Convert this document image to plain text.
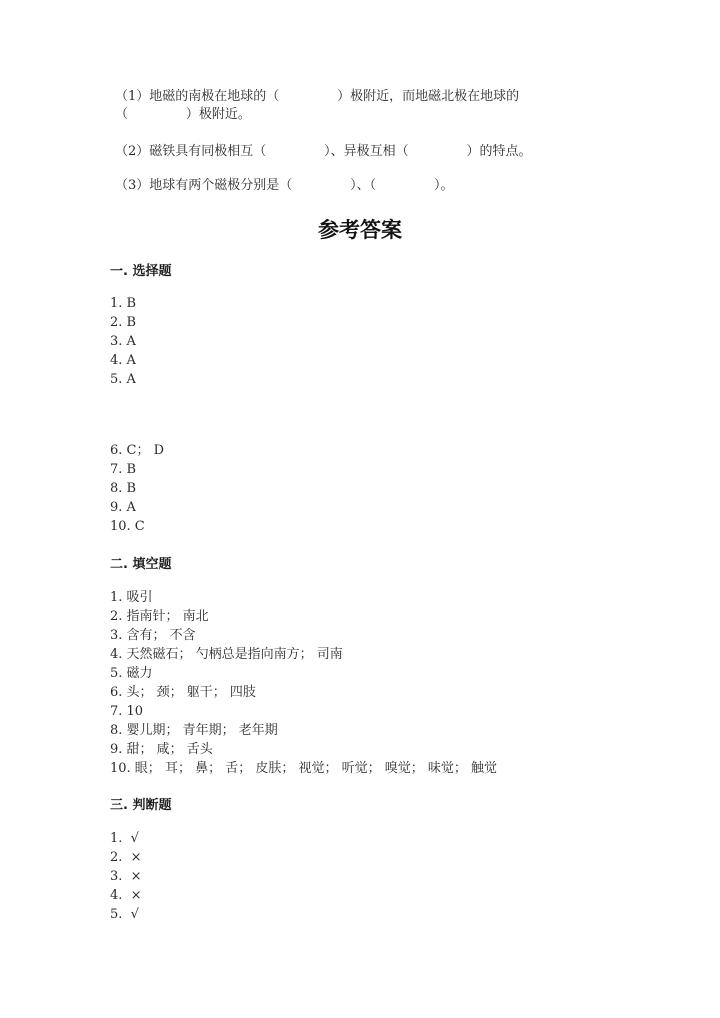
（1）地磁的南极在地球的（              ）极附近，而地磁北极在地球的
（              ）极附近。
（2）磁铁具有同极相互（              ）、异极互相（              ）的特点。
（3）地球有两个磁极分别是（              ）、（              ）。
参考答案
一. 选择题
1. B
2. B
3. A
4. A
5. A
6. C； D
7. B
8. B
9. A
10. C
二. 填空题
1. 吸引
2. 指南针； 南北
3. 含有； 不含
4. 天然磁石； 勺柄总是指向南方； 司南
5. 磁力
6. 头； 颈； 躯干； 四肢
7. 10
8. 婴儿期； 青年期； 老年期
9. 甜； 咸； 舌头
10. 眼； 耳； 鼻； 舌； 皮肤； 视觉； 听觉； 嗅觉； 味觉； 触觉
三. 判断题
1.  √
2.  ×
3.  ×
4.  ×
5.  √
